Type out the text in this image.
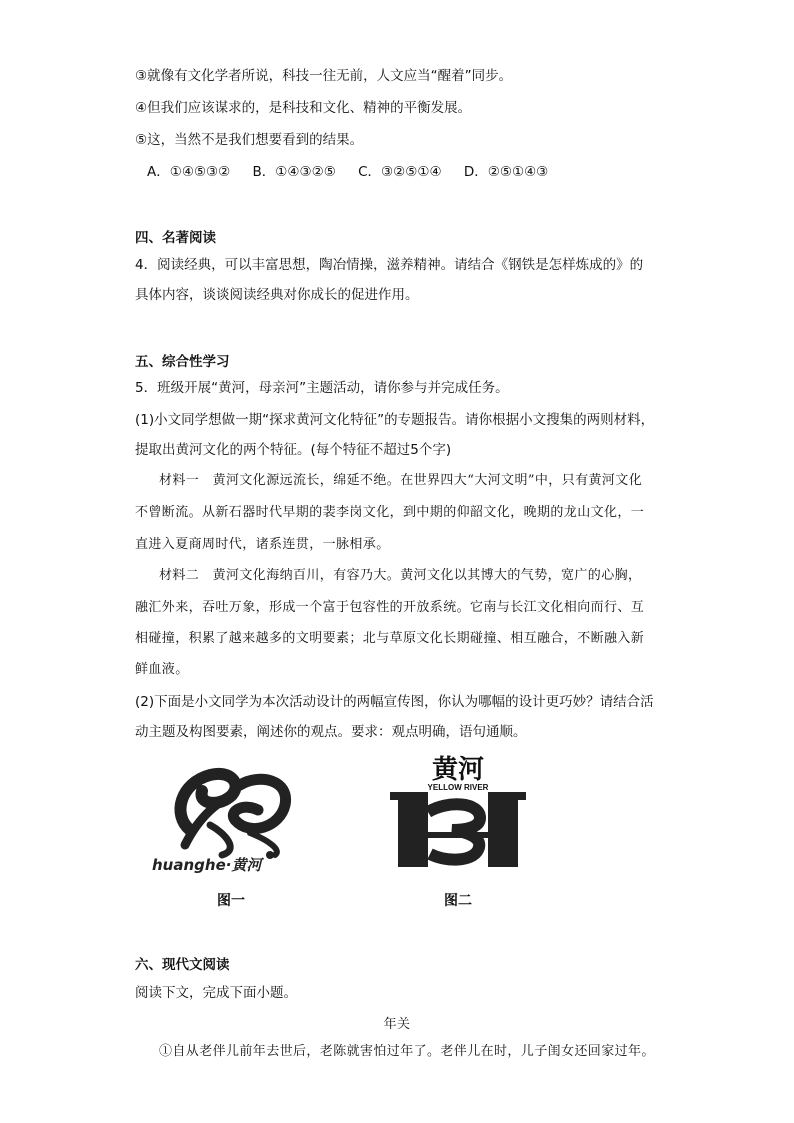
③就像有文化学者所说，科技一往无前，人文应当“醒着”同步。
④但我们应该谋求的，是科技和文化、精神的平衡发展。
⑤这，当然不是我们想要看到的结果。
A．①④⑤③② B．①④③②⑤ C．③②⑤①④ D．②⑤①④③
四、名著阅读
4．阅读经典，可以丰富思想，陶冶情操，滋养精神。请结合《钢铁是怎样炼成的》的
具体内容，谈谈阅读经典对你成长的促进作用。
五、综合性学习
5．班级开展“黄河，母亲河”主题活动，请你参与并完成任务。
(1)小文同学想做一期“探求黄河文化特征”的专题报告。请你根据小文搜集的两则材料，
提取出黄河文化的两个特征。(每个特征不超过5个字)
材料一　黄河文化源远流长，绵延不绝。在世界四大“大河文明”中，只有黄河文化
不曾断流。从新石器时代早期的裴李岗文化，到中期的仰韶文化，晚期的龙山文化，一
直进入夏商周时代，诸系连贯，一脉相承。
材料二　黄河文化海纳百川，有容乃大。黄河文化以其博大的气势，宽广的心胸，
融汇外来，吞吐万象，形成一个富于包容性的开放系统。它南与长江文化相向而行、互
相碰撞，积累了越来越多的文明要素；北与草原文化长期碰撞、相互融合，不断融入新
鲜血液。
(2)下面是小文同学为本次活动设计的两幅宣传图，你认为哪幅的设计更巧妙？请结合活
动主题及构图要素，阐述你的观点。要求：观点明确，语句通顺。
huanghe·黄河
黄河
YELLOW RIVER
图一	图二
六、现代文阅读
阅读下文，完成下面小题。
年关
①自从老伴儿前年去世后，老陈就害怕过年了。老伴儿在时，儿子闺女还回家过年。
